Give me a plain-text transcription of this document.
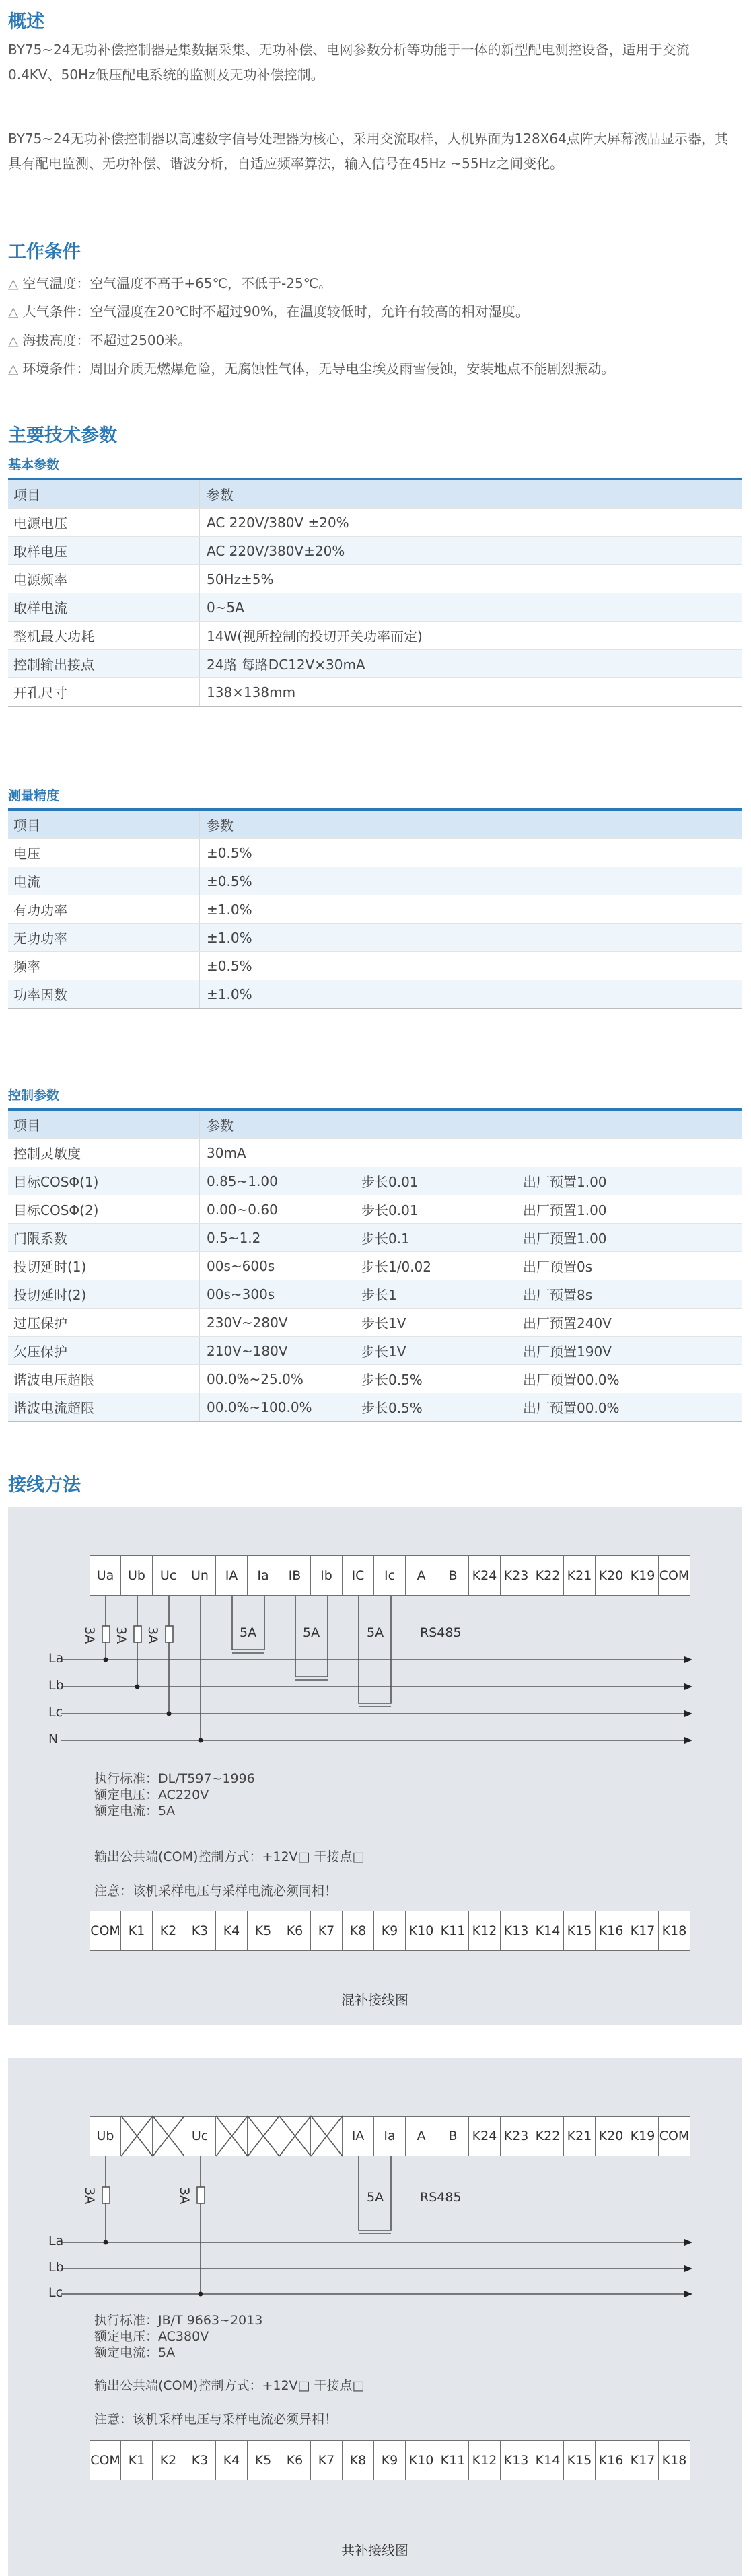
概述

BY75~24无功补偿控制器是集数据采集、无功补偿、电网参数分析等功能于一体的新型配电测控设备，适用于交流0.4KV、50Hz低压配电系统的监测及无功补偿控制。

BY75~24无功补偿控制器以高速数字信号处理器为核心，采用交流取样，人机界面为128X64点阵大屏幕液晶显示器，其具有配电监测、无功补偿、谐波分析，自适应频率算法，输入信号在45Hz ~55Hz之间变化。

工作条件

△ 空气温度：空气温度不高于+65℃，不低于-25℃。

△ 大气条件：空气湿度在20℃时不超过90%，在温度较低时，允许有较高的相对湿度。

△ 海拔高度：不超过2500米。

△ 环境条件：周围介质无燃爆危险，无腐蚀性气体，无导电尘埃及雨雪侵蚀，安装地点不能剧烈振动。

主要技术参数
基本参数
项目	参数
电源电压	AC 220V/380V ±20%
取样电压	AC 220V/380V±20%
电源频率	50Hz±5%
取样电流	0~5A
整机最大功耗	14W(视所控制的投切开关功率而定)
控制输出接点	24路 每路DC12V×30mA
开孔尺寸	138×138mm
测量精度
项目	参数
电压	±0.5%
电流	±0.5%
有功功率	±1.0%
无功功率	±1.0%
频率	±0.5%
功率因数	±1.0%
控制参数
项目	参数		
控制灵敏度	30mA		
目标COSΦ(1)	0.85~1.00	步长0.01	出厂预置1.00
目标COSΦ(2)	0.00~0.60	步长0.01	出厂预置1.00
门限系数	0.5~1.2	步长0.1	出厂预置1.00
投切延时(1)	00s~600s	步长1/0.02	出厂预置0s
投切延时(2)	00s~300s	步长1	出厂预置8s
过压保护	230V~280V	步长1V	出厂预置240V
欠压保护	210V~180V	步长1V	出厂预置190V
谐波电压超限	00.0%~25.0%	步长0.5%	出厂预置00.0%
谐波电流超限	00.0%~100.0%	步长0.5%	出厂预置00.0%
接线方法
Ua	Ub	Uc	Un	IA	Ia	IB	Ib	IC	Ic	A	B	K24 K23 K22 K21 K20 K19 COM
3A 3A 3A	5A	5A	5A	RS485
La
Lb
Lc
N
执行标准：DL/T597~1996
额定电压：AC220V
额定电流：5A
输出公共端(COM)控制方式：+12V□ 干接点□
注意：该机采样电压与采样电流必须同相！
COM K1	K2	K3	K4	K5	K6	K7	K8	K9 K10 K11 K12 K13 K14 K15 K16 K17 K18
混补接线图
Ub	Uc	IA	Ia	A	B	K24 K23 K22 K21 K20 K19 COM
3A	3A	5A	RS485
La
Lb
Lc
执行标准：JB/T 9663~2013
额定电压：AC380V
额定电流：5A
输出公共端(COM)控制方式：+12V□ 干接点□
注意：该机采样电压与采样电流必须异相！
COM K1	K2	K3	K4	K5	K6	K7	K8	K9 K10 K11 K12 K13 K14 K15 K16 K17 K18
共补接线图
